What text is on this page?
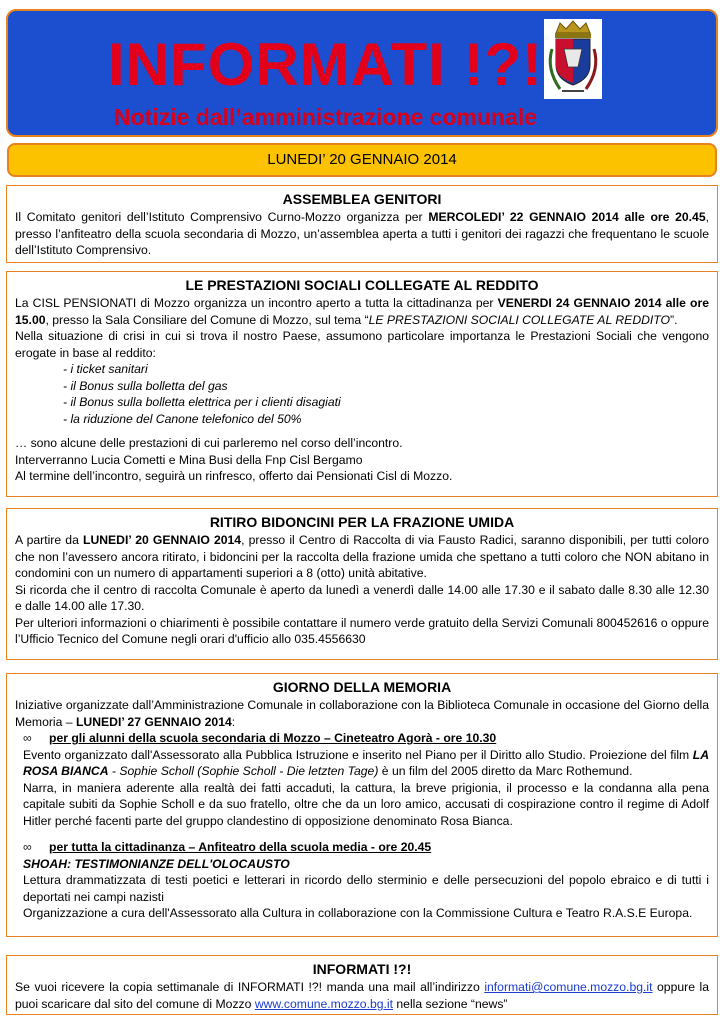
INFORMATI !?!
Notizie dall’amministrazione comunale
LUNEDI’ 20 GENNAIO 2014
ASSEMBLEA GENITORI

Il Comitato genitori dell’Istituto Comprensivo Curno-Mozzo organizza per MERCOLEDI’ 22 GENNAIO 2014 alle ore 20.45, presso l’anfiteatro della scuola secondaria di Mozzo, un’assemblea aperta a tutti i genitori dei ragazzi che frequentano le scuole dell’Istituto Comprensivo.

LE PRESTAZIONI SOCIALI COLLEGATE AL REDDITO

La CISL PENSIONATI di Mozzo organizza un incontro aperto a tutta la cittadinanza per VENERDI 24 GENNAIO 2014 alle ore 15.00, presso la Sala Consiliare del Comune di Mozzo, sul tema “LE PRESTAZIONI SOCIALI COLLEGATE AL REDDITO”.

Nella situazione di crisi in cui si trova il nostro Paese, assumono particolare importanza le Prestazioni Sociali che vengono erogate in base al reddito:

- i ticket sanitari
- il Bonus sulla bolletta del gas
- il Bonus sulla bolletta elettrica per i clienti disagiati
- la riduzione del Canone telefonico del 50%

… sono alcune delle prestazioni di cui parleremo nel corso dell’incontro.

Interverranno Lucia Cometti e Mina Busi della Fnp Cisl Bergamo

Al termine dell’incontro, seguirà un rinfresco, offerto dai Pensionati Cisl di Mozzo.

RITIRO BIDONCINI PER LA FRAZIONE UMIDA

A partire da LUNEDI’ 20 GENNAIO 2014, presso il Centro di Raccolta di via Fausto Radici, saranno disponibili, per tutti coloro che non l’avessero ancora ritirato, i bidoncini per la raccolta della frazione umida che spettano a tutti coloro che NON abitano in condomini con un numero di appartamenti superiori a 8 (otto) unità abitative.

Si ricorda che il centro di raccolta Comunale è aperto da lunedì a venerdì dalle 14.00 alle 17.30 e il sabato dalle 8.30 alle 12.30 e dalle 14.00 alle 17.30.

Per ulteriori informazioni o chiarimenti è possibile contattare il numero verde gratuito della Servizi Comunali 800452616 o oppure l’Ufficio Tecnico del Comune negli orari d'ufficio allo 035.4556630

GIORNO DELLA MEMORIA

Iniziative organizzate dall’Amministrazione Comunale in collaborazione con la Biblioteca Comunale in occasione del Giorno della Memoria – LUNEDI’ 27 GENNAIO 2014:

∞ per gli alunni della scuola secondaria di Mozzo – Cineteatro Agorà - ore 10.30

Evento organizzato dall'Assessorato alla Pubblica Istruzione e inserito nel Piano per il Diritto allo Studio. Proiezione del film LA ROSA BIANCA - Sophie Scholl (Sophie Scholl - Die letzten Tage) è un film del 2005 diretto da Marc Rothemund.

Narra, in maniera aderente alla realtà dei fatti accaduti, la cattura, la breve prigionia, il processo e la condanna alla pena capitale subiti da Sophie Scholl e da suo fratello, oltre che da un loro amico, accusati di cospirazione contro il regime di Adolf Hitler perché facenti parte del gruppo clandestino di opposizione denominato Rosa Bianca.

∞ per tutta la cittadinanza – Anfiteatro della scuola media - ore 20.45

SHOAH: TESTIMONIANZE DELL'OLOCAUSTO

Lettura drammatizzata di testi poetici e letterari in ricordo dello sterminio e delle persecuzioni del popolo ebraico e di tutti i deportati nei campi nazisti

Organizzazione a cura dell'Assessorato alla Cultura in collaborazione con la Commissione Cultura e Teatro R.A.S.E Europa.

INFORMATI !?!

Se vuoi ricevere la copia settimanale di INFORMATI !?! manda una mail all’indirizzo informati@comune.mozzo.bg.it oppure la puoi scaricare dal sito del comune di Mozzo www.comune.mozzo.bg.it nella sezione “news”
